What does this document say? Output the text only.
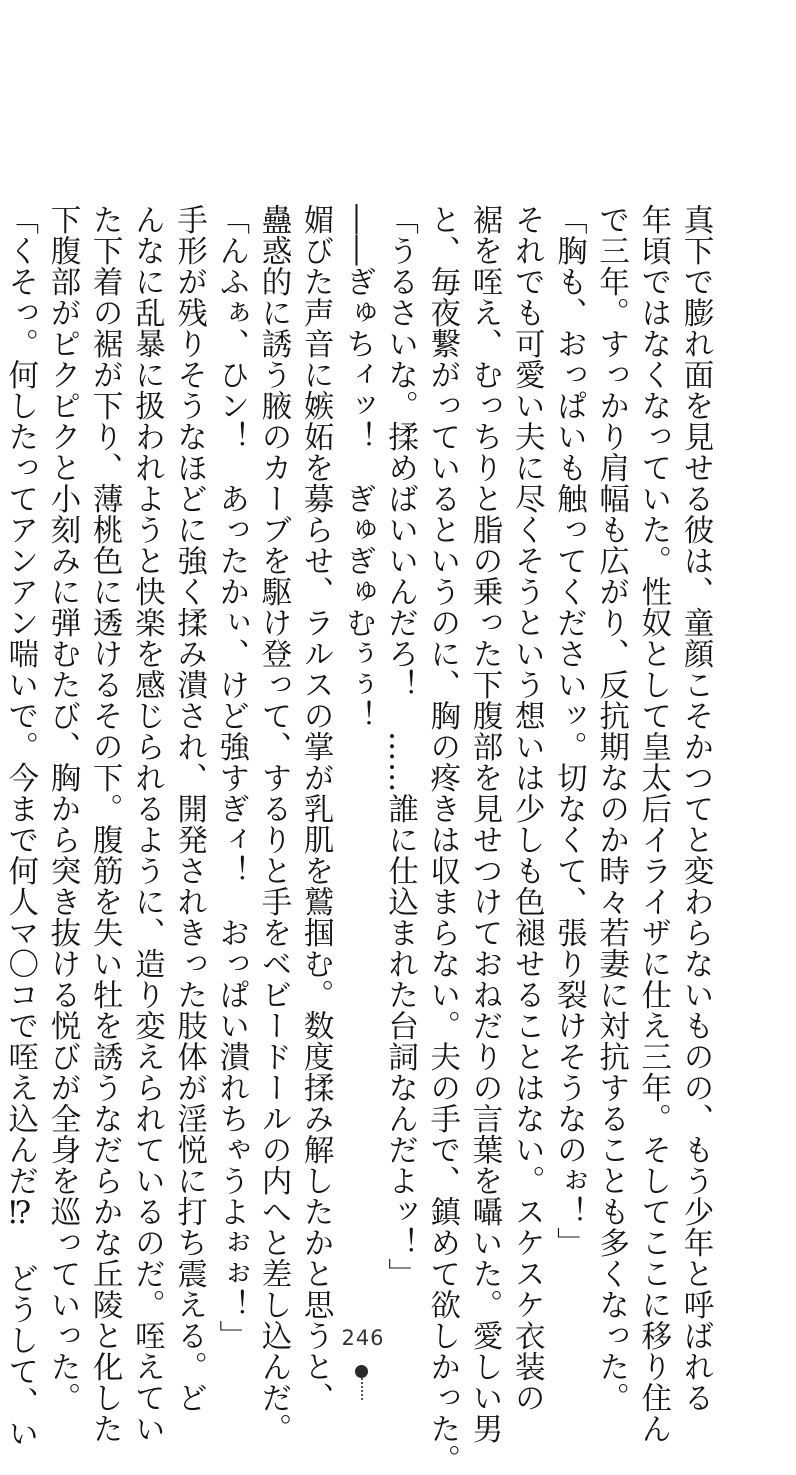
真下で膨れ面を見せる彼は、童顔こそかつてと変わらないものの、もう少年と呼ばれる

年頃ではなくなっていた。性奴として皇太后イライザに仕え三年。そしてここに移り住ん

で三年。すっかり肩幅も広がり、反抗期なのか時々若妻に対抗することも多くなった。

「胸も、おっぱいも触ってくださいッ。切なくて、張り裂けそうなのぉ！」

それでも可愛い夫に尽くそうという想いは少しも色褪せることはない。スケスケ衣装の

裾を咥え、むっちりと脂の乗った下腹部を見せつけておねだりの言葉を囁いた。愛しい男

と、毎夜繋がっているというのに、胸の疼きは収まらない。夫の手で、鎮めて欲しかった。

「うるさいな。揉めばいいんだろ！　……誰に仕込まれた台詞なんだよッ！」

――ぎゅちィッ！　ぎゅぎゅむぅぅ！

媚びた声音に嫉妬を募らせ、ラルスの掌が乳肌を鷲掴む。数度揉み解したかと思うと、

蠱惑的に誘う腋のカーブを駆け登って、するりと手をベビードールの内へと差し込んだ。

「んふぁ、ひン！　あったかぃ、けど強すぎィ！　おっぱい潰れちゃうよぉぉ！」

手形が残りそうなほどに強く揉み潰され、開発されきった肢体が淫悦に打ち震える。ど

んなに乱暴に扱われようと快楽を感じられるように、造り変えられているのだ。咥えてい

た下着の裾が下り、薄桃色に透けるその下。腹筋を失い牡を誘うなだらかな丘陵と化した

下腹部がピクピクと小刻みに弾むたび、胸から突き抜ける悦びが全身を巡っていった。

「くそっ。何したってアンアン喘いで。今まで何人マ〇コで咥え込んだ⁉　どうして、い	246
